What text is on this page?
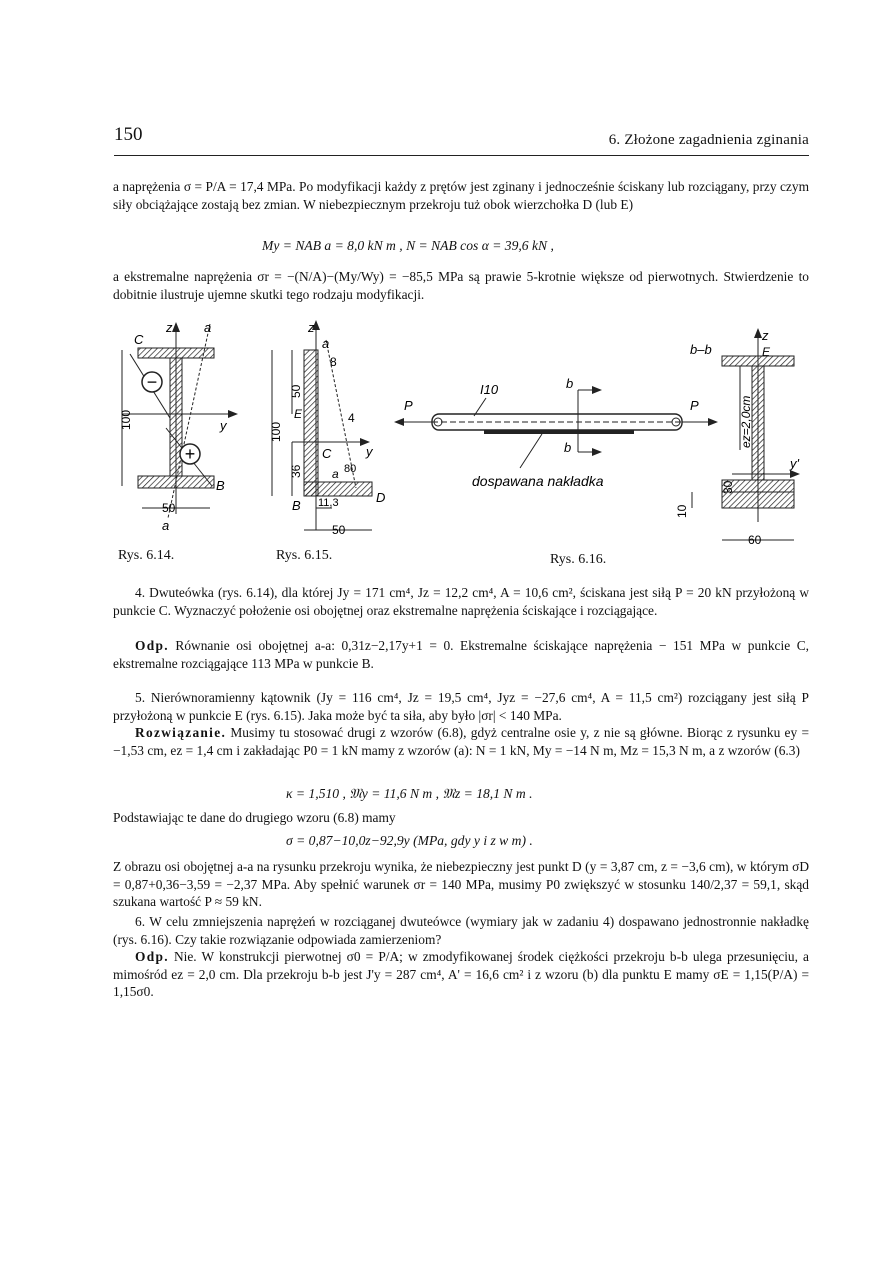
150	6. Złożone zagadnienia zginania

a naprężenia σ = P/A = 17,4 MPa. Po modyfikacji każdy z prętów jest zginany i jednocześnie ściskany lub rozciągany, przy czym siły obciążające zostają bez zmian. W niebezpiecznym przekroju tuż obok wierzchołka D (lub E)

My = NAB a = 8,0 kN m , N = NAB cos α = 39,6 kN ,

a ekstremalne naprężenia σr = −(N/A)−(My/Wy) = −85,5 MPa są prawie 5-krotnie większe od pierwotnych. Stwierdzenie to dobitnie ilustruje ujemne skutki tego rodzaju modyfikacji.

−
+
100
50
z a
C
y
B
a
Rys. 6.14.
100
50
36
50
11,3
z
a
8
E	4
C	y
a 80
B
D
Rys. 6.15.
I10
P	P
b
b
dospawana nakładka
b–b
z
E
ez=2,0cm
30
y'
10
60
Rys. 6.16.

4. Dwuteówka (rys. 6.14), dla której Jy = 171 cm⁴, Jz = 12,2 cm⁴, A = 10,6 cm², ściskana jest siłą P = 20 kN przyłożoną w punkcie C. Wyznaczyć położenie osi obojętnej oraz ekstremalne naprężenia ściskające i rozciągające.

Odp. Równanie osi obojętnej a-a: 0,31z−2,17y+1 = 0. Ekstremalne ściskające naprężenia − 151 MPa w punkcie C, ekstremalne rozciągające 113 MPa w punkcie B.

5. Nierównoramienny kątownik (Jy = 116 cm⁴, Jz = 19,5 cm⁴, Jyz = −27,6 cm⁴, A = 11,5 cm²) rozciągany jest siłą P przyłożoną w punkcie E (rys. 6.15). Jaka może być ta siła, aby było |σr| < 140 MPa.

Rozwiązanie. Musimy tu stosować drugi z wzorów (6.8), gdyż centralne osie y, z nie są główne. Biorąc z rysunku ey = −1,53 cm, ez = 1,4 cm i zakładając P0 = 1 kN mamy z wzorów (a): N = 1 kN, My = −14 N m, Mz = 15,3 N m, a z wzorów (6.3)

κ = 1,510 , 𝔐y = 11,6 N m , 𝔐z = 18,1 N m .

Podstawiając te dane do drugiego wzoru (6.8) mamy

σ = 0,87−10,0z−92,9y (MPa, gdy y i z w m) .

Z obrazu osi obojętnej a-a na rysunku przekroju wynika, że niebezpieczny jest punkt D (y = 3,87 cm, z = −3,6 cm), w którym σD = 0,87+0,36−3,59 = −2,37 MPa. Aby spełnić warunek σr = 140 MPa, musimy P0 zwiększyć w stosunku 140/2,37 = 59,1, skąd szukana wartość P ≈ 59 kN.

6. W celu zmniejszenia naprężeń w rozciąganej dwuteówce (wymiary jak w zadaniu 4) dospawano jednostronnie nakładkę (rys. 6.16). Czy takie rozwiązanie odpowiada zamierzeniom?

Odp. Nie. W konstrukcji pierwotnej σ0 = P/A; w zmodyfikowanej środek ciężkości przekroju b-b ulega przesunięciu, a mimośród ez = 2,0 cm. Dla przekroju b-b jest J'y = 287 cm⁴, A' = 16,6 cm² i z wzoru (b) dla punktu E mamy σE = 1,15(P/A) = 1,15σ0.
